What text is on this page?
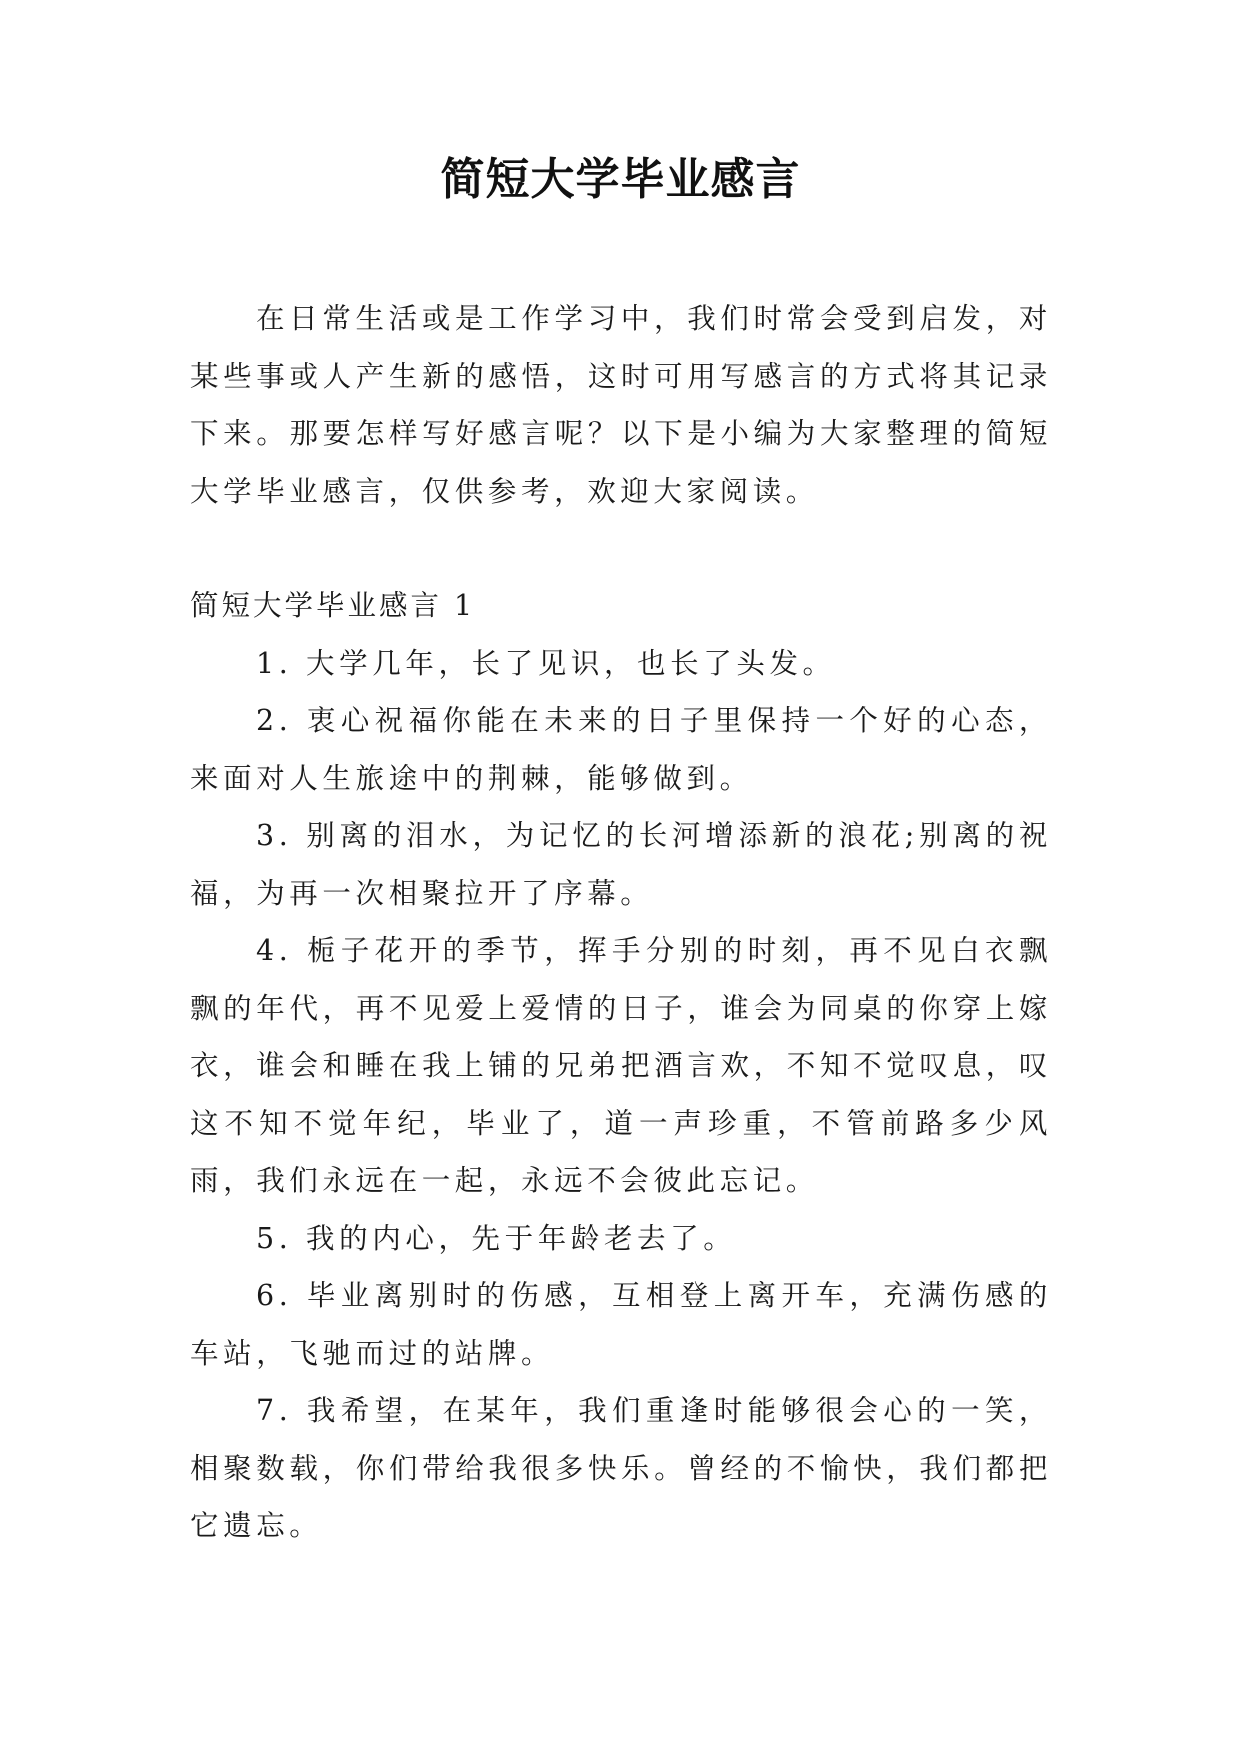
简短大学毕业感言

在日常生活或是工作学习中，我们时常会受到启发，对某些事或人产生新的感悟，这时可用写感言的方式将其记录下来。那要怎样写好感言呢？以下是小编为大家整理的简短大学毕业感言，仅供参考，欢迎大家阅读。

简短大学毕业感言 1

1. 大学几年，长了见识，也长了头发。

2. 衷心祝福你能在未来的日子里保持一个好的心态，来面对人生旅途中的荆棘，能够做到。

3. 别离的泪水，为记忆的长河增添新的浪花;别离的祝福，为再一次相聚拉开了序幕。

4. 栀子花开的季节，挥手分别的时刻，再不见白衣飘飘的年代，再不见爱上爱情的日子，谁会为同桌的你穿上嫁衣，谁会和睡在我上铺的兄弟把酒言欢，不知不觉叹息，叹这不知不觉年纪，毕业了，道一声珍重，不管前路多少风雨，我们永远在一起，永远不会彼此忘记。

5. 我的内心，先于年龄老去了。

6. 毕业离别时的伤感，互相登上离开车，充满伤感的车站，飞驰而过的站牌。

7. 我希望，在某年，我们重逢时能够很会心的一笑，相聚数载，你们带给我很多快乐。曾经的不愉快，我们都把它遗忘。
